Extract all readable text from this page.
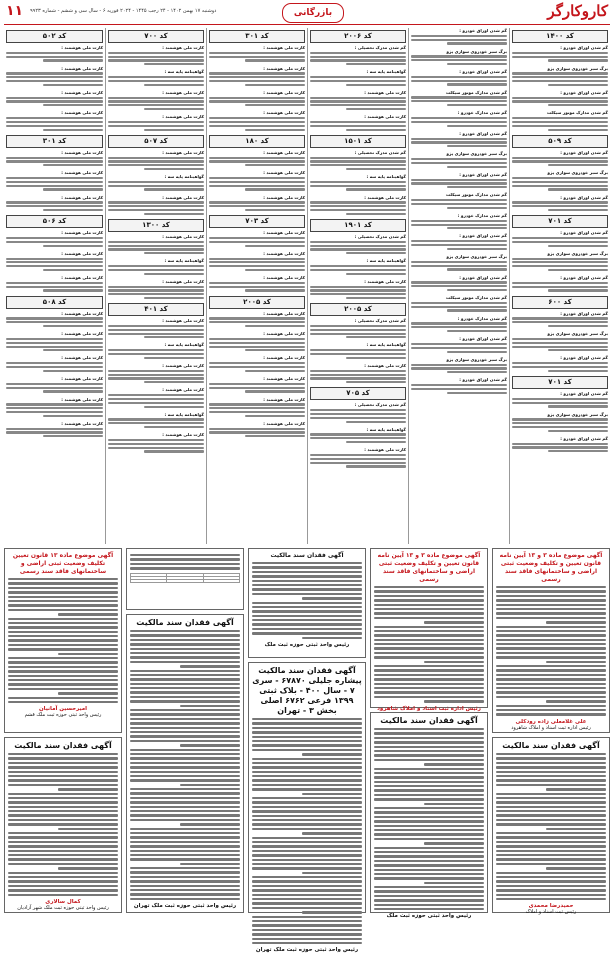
۱۱ دوشنبه ۱۷ بهمن ۱۴۰۲ - ۲۴ رجب ۱۴۴۵ - ۲۰۲۴ فوریه ۶ - سال سی و ششم - شماره ۹۹۲۳	بازرگانی	کاروکارگر
کد ۱۴۰۰
گم شدن اوراق خودرو :
برگ سبز خودروی سواری پژو
گم شدن اوراق خودرو :
گم شدن مدارک موتور سیکلت
کد ۵۰۹
گم شدن اوراق خودرو :
برگ سبز خودروی سواری پژو
گم شدن اوراق خودرو :
کد ۷۰۱
گم شدن اوراق خودرو :
برگ سبز خودروی سواری پژو
گم شدن اوراق خودرو :
کد ۶۰۰
گم شدن اوراق خودرو :
برگ سبز خودروی سواری پژو
گم شدن اوراق خودرو :
کد ۷۰۱
گم شدن اوراق خودرو :
برگ سبز خودروی سواری پژو
گم شدن اوراق خودرو :
گم شدن اوراق خودرو :
برگ سبز خودروی سواری پژو
گم شدن اوراق خودرو :
گم شدن مدارک موتور سیکلت
گم شدن مدارک خودرو :
گم شدن اوراق خودرو :
برگ سبز خودروی سواری پژو
گم شدن اوراق خودرو :
گم شدن مدارک موتور سیکلت
گم شدن مدارک خودرو :
گم شدن اوراق خودرو :
برگ سبز خودروی سواری پژو
گم شدن اوراق خودرو :
گم شدن مدارک موتور سیکلت
گم شدن مدارک خودرو :
گم شدن اوراق خودرو :
برگ سبز خودروی سواری پژو
گم شدن اوراق خودرو :
کد ۲۰۰۶
گم شدن مدرک تحصیلی :
گواهینامه پایه سه :
کارت ملی هوشمند :
کارت ملی هوشمند :
کد ۱۵۰۱
گم شدن مدرک تحصیلی :
گواهینامه پایه سه :
کارت ملی هوشمند :
کد ۱۹۰۱
گم شدن مدرک تحصیلی :
گواهینامه پایه سه :
کارت ملی هوشمند :
کد ۲۰۰۵
گم شدن مدرک تحصیلی :
گواهینامه پایه سه :
کارت ملی هوشمند :
کد ۷۰۵
گم شدن مدرک تحصیلی :
گواهینامه پایه سه :
کارت ملی هوشمند :
کد ۳۰۱
کارت ملی هوشمند :
کارت ملی هوشمند :
کارت ملی هوشمند :
کارت ملی هوشمند :
کد ۱۸۰
کارت ملی هوشمند :
کارت ملی هوشمند :
کارت ملی هوشمند :
کد ۷۰۳
کارت ملی هوشمند :
کارت ملی هوشمند :
کارت ملی هوشمند :
کد ۲۰۰۵
کارت ملی هوشمند :
کارت ملی هوشمند :
کارت ملی هوشمند :
کارت ملی هوشمند :
کارت ملی هوشمند :
کارت ملی هوشمند :
کد ۷۰۰
کارت ملی هوشمند :
گواهینامه پایه سه :
کارت ملی هوشمند :
کارت ملی هوشمند :
کد ۵۰۷
کارت ملی هوشمند :
گواهینامه پایه سه :
کارت ملی هوشمند :
کد ۱۳۰۰
کارت ملی هوشمند :
گواهینامه پایه سه :
کارت ملی هوشمند :
کد ۴۰۱
کارت ملی هوشمند :
گواهینامه پایه سه :
کارت ملی هوشمند :
کارت ملی هوشمند :
گواهینامه پایه سه :
کارت ملی هوشمند :
کد ۵۰۲
کارت ملی هوشمند :
کارت ملی هوشمند :
کارت ملی هوشمند :
کارت ملی هوشمند :
کد ۳۰۱
کارت ملی هوشمند :
کارت ملی هوشمند :
کارت ملی هوشمند :
کد ۵۰۶
کارت ملی هوشمند :
کارت ملی هوشمند :
کارت ملی هوشمند :
کد ۵۰۸
کارت ملی هوشمند :
کارت ملی هوشمند :
کارت ملی هوشمند :
کارت ملی هوشمند :
کارت ملی هوشمند :
کارت ملی هوشمند :
آگهی موضوع ماده ۳ و ۱۳ آیین نامه قانون تعیین و تکلیف وضعیت ثبتی اراضی و ساختمانهای فاقد سند رسمی
علی غلامعلی زاده رودکلی
رئیس اداره ثبت اسناد و املاک شاهرود
آگهی فقدان سند مالکیت
حمیدرضا محمدی
رئیس ثبت اسناد و املاک
آگهی موضوع ماده ۳ و ۱۳ آیین نامه قانون تعیین و تکلیف وضعیت ثبتی اراضی و ساختمانهای فاقد سند رسمی
رئیس اداره ثبت اسناد و املاک شاهرود
آگهی فقدان سند مالکیت
رئیس واحد ثبتی حوزه ثبت ملک
آگهی فقدان سند مالکیت
رئیس واحد ثبتی حوزه ثبت ملک
آگهی فقدان سند مالکیت پیشاره جلیلی ۶۷۸۷۰ - سری ۷ - سال ۴۰۰ - بلاک ثبتی ۱۳۹۹ فرعی ۶۷۶۲ اصلی بخش ۳ - تهران
رئیس واحد ثبتی حوزه ثبت ملک تهران

آگهی فقدان سند مالکیت
رئیس واحد ثبتی حوزه ثبت ملک تهران
آگهی موضوع ماده ۱۳ قانون تعیین تکلیف وضعیت ثبتی اراضی و ساختمانهای فاقد سند رسمی
امیرحسین آمانیان
رئیس واحد ثبتی حوزه ثبت ملک قشم
آگهی فقدان سند مالکیت
کمال سالاری
رئیس واحد ثبتی حوزه ثبت ملک شهر آزادیان
